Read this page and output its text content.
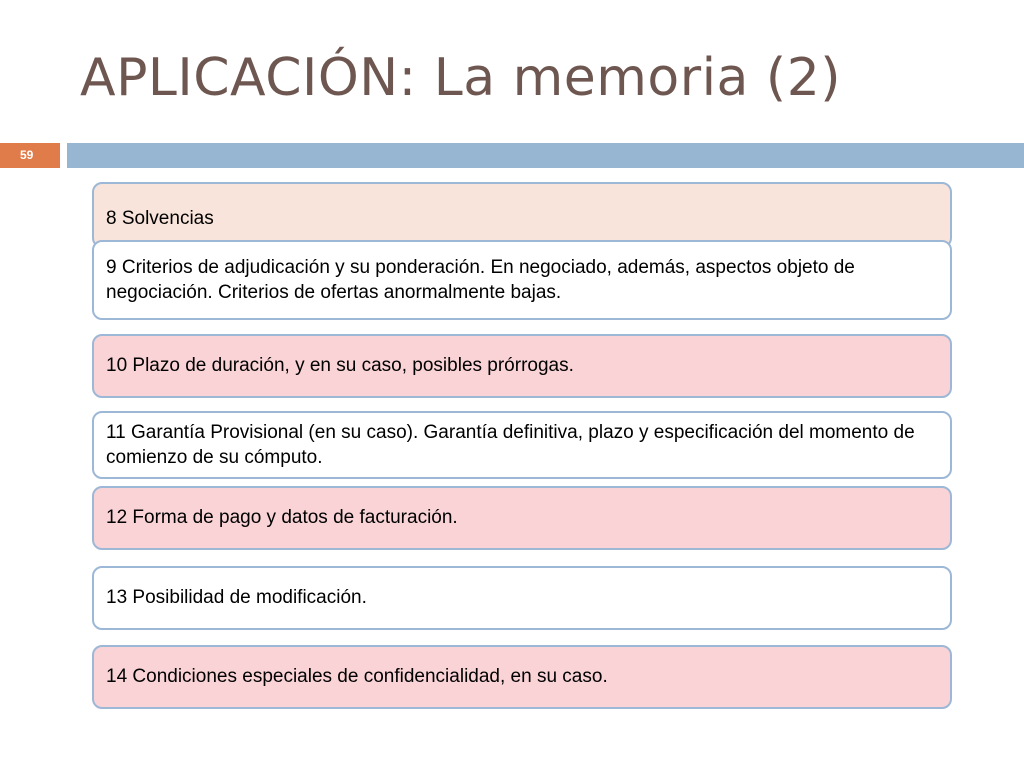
APLICACIÓN: La memoria (2)
59
8 Solvencias
9 Criterios de adjudicación y su ponderación. En negociado, además, aspectos objeto de negociación. Criterios de ofertas anormalmente bajas.
10 Plazo de duración, y en su caso, posibles prórrogas.
11 Garantía Provisional (en su caso). Garantía definitiva, plazo y especificación del momento de comienzo de su cómputo.
12 Forma de pago y datos de facturación.
13 Posibilidad de modificación.
14 Condiciones especiales de confidencialidad, en su caso.
